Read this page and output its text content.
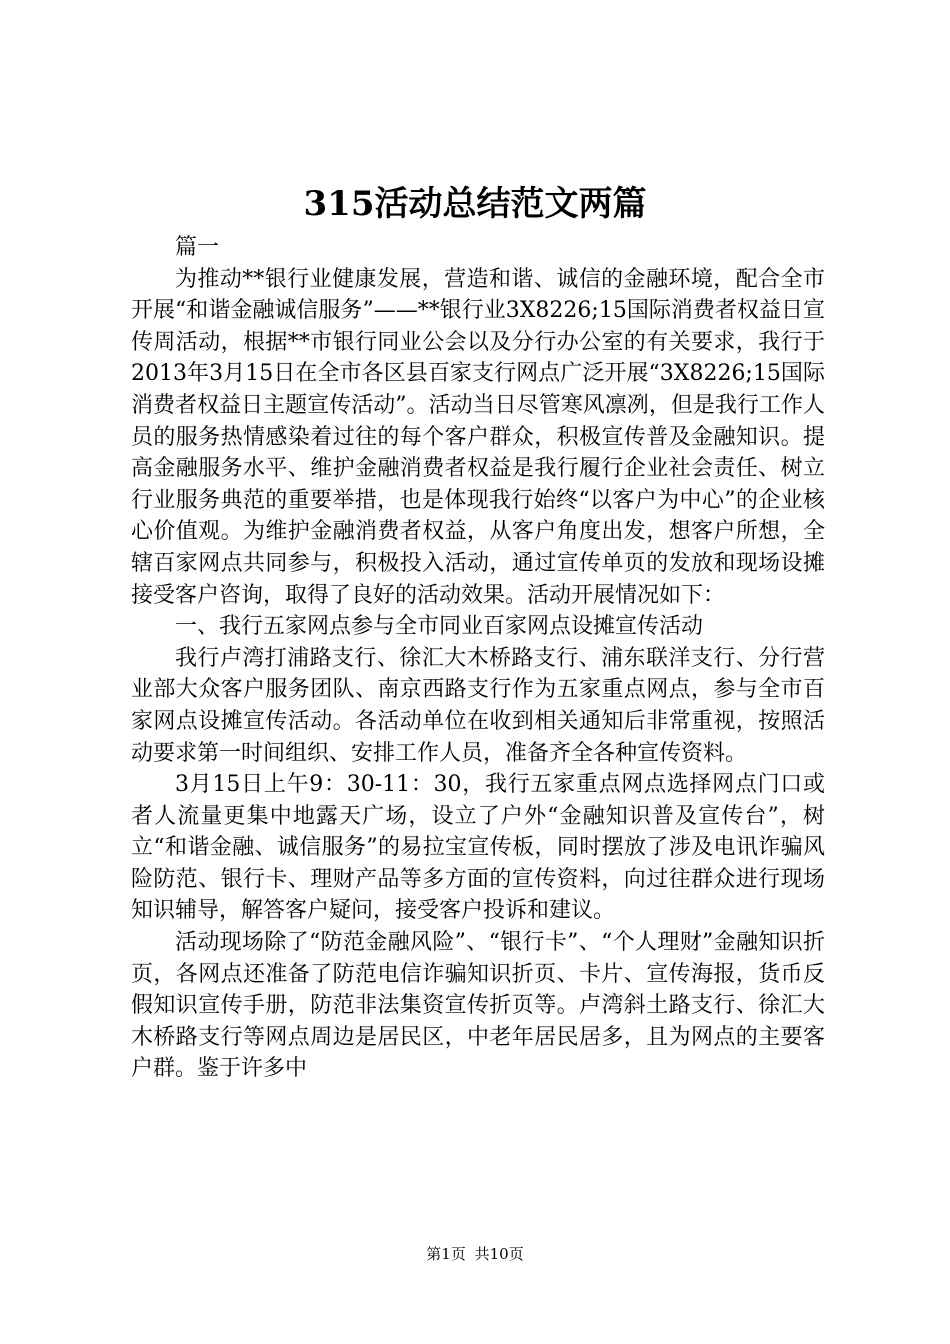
315活动总结范文两篇

篇一

为推动**银行业健康发展，营造和谐、诚信的金融环境，配合全市开展“和谐金融诚信服务”——**银行业3X8226;15国际消费者权益日宣传周活动，根据**市银行同业公会以及分行办公室的有关要求，我行于2013年3月15日在全市各区县百家支行网点广泛开展“3X8226;15国际消费者权益日主题宣传活动”。活动当日尽管寒风凛冽，但是我行工作人员的服务热情感染着过往的每个客户群众，积极宣传普及金融知识。提高金融服务水平、维护金融消费者权益是我行履行企业社会责任、树立行业服务典范的重要举措，也是体现我行始终“以客户为中心”的企业核心价值观。为维护金融消费者权益，从客户角度出发，想客户所想，全辖百家网点共同参与，积极投入活动，通过宣传单页的发放和现场设摊接受客户咨询，取得了良好的活动效果。活动开展情况如下：

一、我行五家网点参与全市同业百家网点设摊宣传活动

我行卢湾打浦路支行、徐汇大木桥路支行、浦东联洋支行、分行营业部大众客户服务团队、南京西路支行作为五家重点网点，参与全市百家网点设摊宣传活动。各活动单位在收到相关通知后非常重视，按照活动要求第一时间组织、安排工作人员，准备齐全各种宣传资料。

3月15日上午9：30-11：30，我行五家重点网点选择网点门口或者人流量更集中地露天广场，设立了户外“金融知识普及宣传台”，树立“和谐金融、诚信服务”的易拉宝宣传板，同时摆放了涉及电讯诈骗风险防范、银行卡、理财产品等多方面的宣传资料，向过往群众进行现场知识辅导，解答客户疑问，接受客户投诉和建议。

活动现场除了“防范金融风险”、“银行卡”、“个人理财”金融知识折页，各网点还准备了防范电信诈骗知识折页、卡片、宣传海报，货币反假知识宣传手册，防范非法集资宣传折页等。卢湾斜土路支行、徐汇大木桥路支行等网点周边是居民区，中老年居民居多，且为网点的主要客户群。鉴于许多中

第1页 共10页
